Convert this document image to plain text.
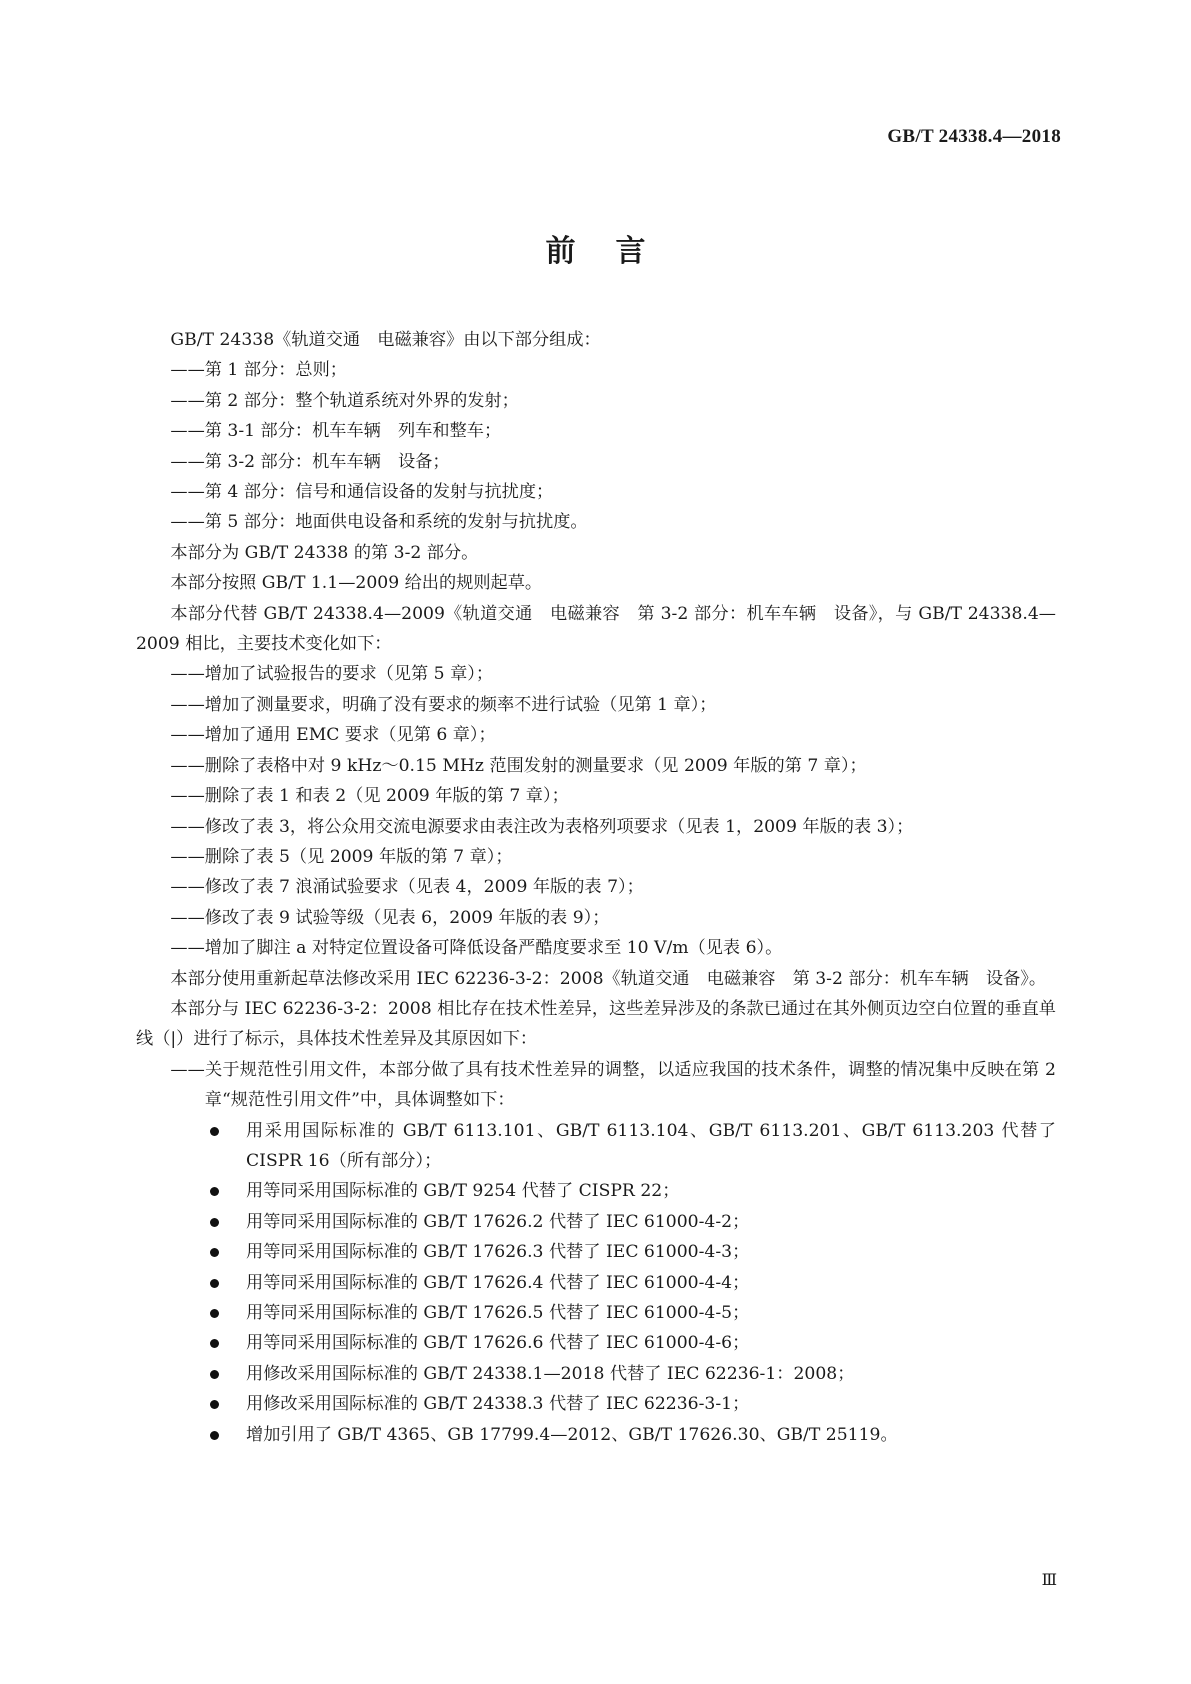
GB/T 24338.4—2018
前言

GB/T 24338《轨道交通　电磁兼容》由以下部分组成：

——第 1 部分：总则；

——第 2 部分：整个轨道系统对外界的发射；

——第 3-1 部分：机车车辆　列车和整车；

——第 3-2 部分：机车车辆　设备；

——第 4 部分：信号和通信设备的发射与抗扰度；

——第 5 部分：地面供电设备和系统的发射与抗扰度。

本部分为 GB/T 24338 的第 3-2 部分。

本部分按照 GB/T 1.1—2009 给出的规则起草。

本部分代替 GB/T 24338.4—2009《轨道交通　电磁兼容　第 3-2 部分：机车车辆　设备》，与 GB/T 24338.4—2009 相比，主要技术变化如下：

——增加了试验报告的要求（见第 5 章）；

——增加了测量要求，明确了没有要求的频率不进行试验（见第 1 章）；

——增加了通用 EMC 要求（见第 6 章）；

——删除了表格中对 9 kHz～0.15 MHz 范围发射的测量要求（见 2009 年版的第 7 章）；

——删除了表 1 和表 2（见 2009 年版的第 7 章）；

——修改了表 3，将公众用交流电源要求由表注改为表格列项要求（见表 1，2009 年版的表 3）；

——删除了表 5（见 2009 年版的第 7 章）；

——修改了表 7 浪涌试验要求（见表 4，2009 年版的表 7）；

——修改了表 9 试验等级（见表 6，2009 年版的表 9）；

——增加了脚注 a 对特定位置设备可降低设备严酷度要求至 10 V/m（见表 6）。

本部分使用重新起草法修改采用 IEC 62236-3-2：2008《轨道交通　电磁兼容　第 3-2 部分：机车车辆　设备》。

本部分与 IEC 62236-3-2：2008 相比存在技术性差异，这些差异涉及的条款已通过在其外侧页边空白位置的垂直单线（|）进行了标示，具体技术性差异及其原因如下：

——关于规范性引用文件，本部分做了具有技术性差异的调整，以适应我国的技术条件，调整的情况集中反映在第 2 章“规范性引用文件”中，具体调整如下：

用采用国际标准的 GB/T 6113.101、GB/T 6113.104、GB/T 6113.201、GB/T 6113.203 代替了 CISPR 16（所有部分）；
用等同采用国际标准的 GB/T 9254 代替了 CISPR 22；
用等同采用国际标准的 GB/T 17626.2 代替了 IEC 61000-4-2；
用等同采用国际标准的 GB/T 17626.3 代替了 IEC 61000-4-3；
用等同采用国际标准的 GB/T 17626.4 代替了 IEC 61000-4-4；
用等同采用国际标准的 GB/T 17626.5 代替了 IEC 61000-4-5；
用等同采用国际标准的 GB/T 17626.6 代替了 IEC 61000-4-6；
用修改采用国际标准的 GB/T 24338.1—2018 代替了 IEC 62236-1：2008；
用修改采用国际标准的 GB/T 24338.3 代替了 IEC 62236-3-1；
增加引用了 GB/T 4365、GB 17799.4—2012、GB/T 17626.30、GB/T 25119。
Ⅲ
